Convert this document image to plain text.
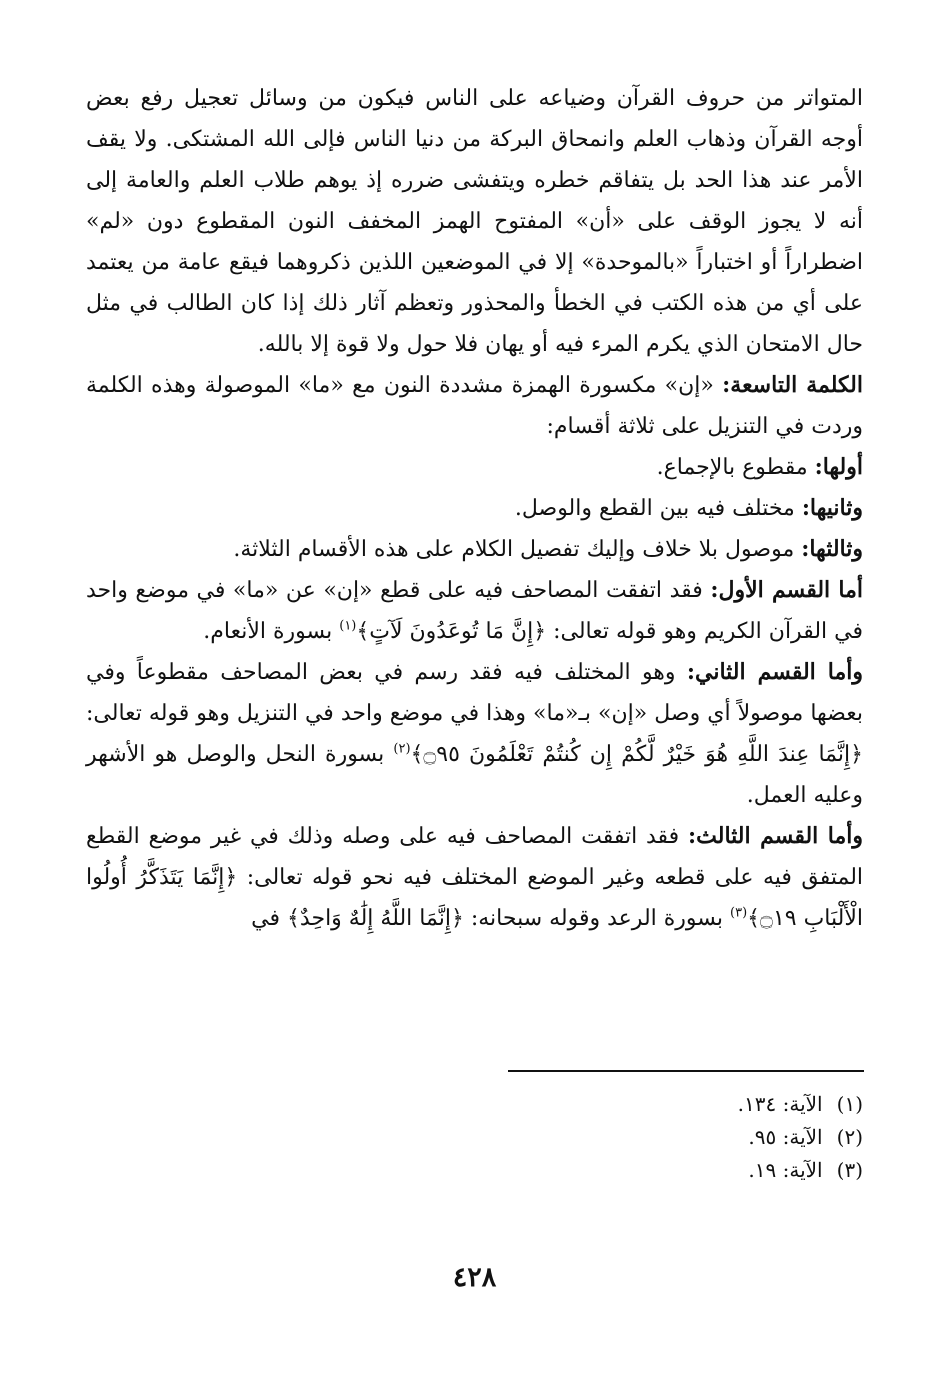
المتواتر من حروف القرآن وضياعه على الناس فيكون من وسائل تعجيل رفع بعض أوجه القرآن وذهاب العلم وانمحاق البركة من دنيا الناس فإلى الله المشتكى. ولا يقف الأمر عند هذا الحد بل يتفاقم خطره ويتفشى ضرره إذ يوهم طلاب العلم والعامة إلى أنه لا يجوز الوقف على «أن» المفتوح الهمز المخفف النون المقطوع دون «لم» اضطراراً أو اختباراً «بالموحدة» إلا في الموضعين اللذين ذكروهما فيقع عامة من يعتمد على أي من هذه الكتب في الخطأ والمحذور وتعظم آثار ذلك إذا كان الطالب في مثل حال الامتحان الذي يكرم المرء فيه أو يهان فلا حول ولا قوة إلا بالله.

الكلمة التاسعة: «إن» مكسورة الهمزة مشددة النون مع «ما» الموصولة وهذه الكلمة وردت في التنزيل على ثلاثة أقسام:

أولها: مقطوع بالإجماع.

وثانيها: مختلف فيه بين القطع والوصل.

وثالثها: موصول بلا خلاف وإليك تفصيل الكلام على هذه الأقسام الثلاثة.

أما القسم الأول: فقد اتفقت المصاحف فيه على قطع «إن» عن «ما» في موضع واحد في القرآن الكريم وهو قوله تعالى: ﴿إِنَّ مَا تُوعَدُونَ لَآتٍ﴾$^{(١)}$ بسورة الأنعام.

وأما القسم الثاني: وهو المختلف فيه فقد رسم في بعض المصاحف مقطوعاً وفي بعضها موصولاً أي وصل «إن» بـ«ما» وهذا في موضع واحد في التنزيل وهو قوله تعالى: ﴿إِنَّمَا عِندَ اللَّهِ هُوَ خَيْرٌ لَّكُمْ إِن كُنتُمْ تَعْلَمُونَ ۝٩٥﴾$^{(٢)}$ بسورة النحل والوصل هو الأشهر وعليه العمل.

وأما القسم الثالث: فقد اتفقت المصاحف فيه على وصله وذلك في غير موضع القطع المتفق فيه على قطعه وغير الموضع المختلف فيه نحو قوله تعالى: ﴿إِنَّمَا يَتَذَكَّرُ أُولُوا الْأَلْبَابِ ۝١٩﴾$^{(٣)}$ بسورة الرعد وقوله سبحانه: ﴿إِنَّمَا اللَّهُ إِلَٰهٌ وَاحِدٌ﴾ في

(١)الآية: ١٣٤.
(٢)الآية: ٩٥.
(٣)الآية: ١٩.
٤٢٨
